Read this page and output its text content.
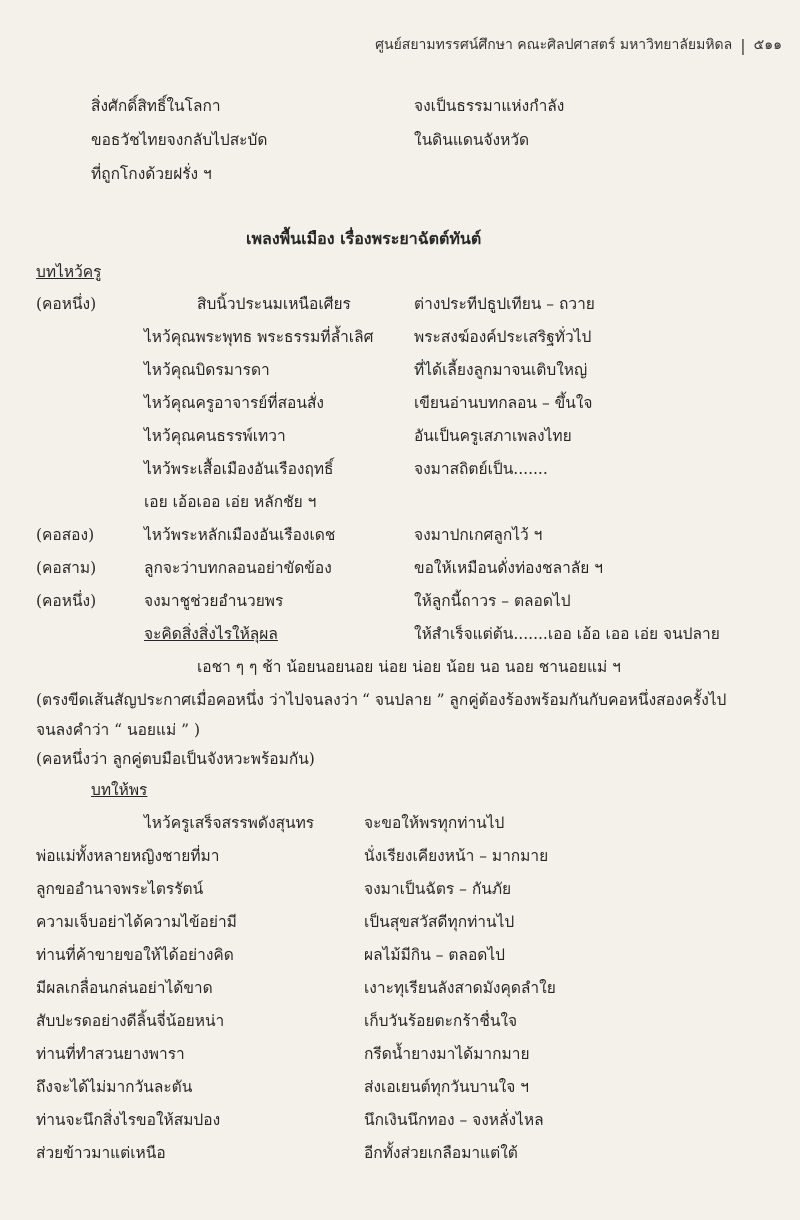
ศูนย์สยามทรรศน์ศึกษา คณะศิลปศาสตร์ มหาวิทยาลัยมหิดล | ๕๑๑
สิ่งศักดิ์สิทธิ์ในโลกา	จงเป็นธรรมาแห่งกำลัง
ขอธวัชไทยจงกลับไปสะบัด	ในดินแดนจังหวัด
ที่ถูกโกงด้วยฝรั่ง ฯ
เพลงพื้นเมือง เรื่องพระยาฉัตต์ทันต์
บทไหว้ครู
(คอหนึ่ง)	สิบนิ้วประนมเหนือเศียร	ต่างประทีปธูปเทียน – ถวาย
ไหว้คุณพระพุทธ พระธรรมที่ล้ำเลิศ	พระสงฆ์องค์ประเสริฐทั่วไป
ไหว้คุณบิดรมารดา	ที่ได้เลี้ยงลูกมาจนเติบใหญ่
ไหว้คุณครูอาจารย์ที่สอนสั่ง	เขียนอ่านบทกลอน – ขึ้นใจ
ไหว้คุณคนธรรพ์เทวา	อันเป็นครูเสภาเพลงไทย
ไหว้พระเสื้อเมืองอันเรืองฤทธิ์	จงมาสถิตย์เป็น.......
เอย เอ้อเออ เอ่ย หลักชัย ฯ
(คอสอง)	ไหว้พระหลักเมืองอันเรืองเดช	จงมาปกเกศลูกไว้ ฯ
(คอสาม)	ลูกจะว่าบทกลอนอย่าขัดข้อง	ขอให้เหมือนดั่งท่องชลาลัย ฯ
(คอหนึ่ง)	จงมาชูช่วยอำนวยพร	ให้ลูกนี้ถาวร – ตลอดไป
จะคิดสิ่งสิ่งไรให้ลุผล	ให้สำเร็จแต่ต้น.......เออ เอ้อ เออ เอ่ย จนปลาย
เอชา ๆ ๆ ช้า น้อยนอยนอย น่อย น่อย น้อย นอ นอย ชานอยแม่ ฯ
(ตรงขีดเส้นสัญประกาศเมื่อคอหนึ่ง ว่าไปจนลงว่า “ จนปลาย ” ลูกคู่ต้องร้องพร้อมกันกับคอหนึ่งสองครั้งไป
จนลงคำว่า “ นอยแม่ ” )
(คอหนึ่งว่า ลูกคู่ตบมือเป็นจังหวะพร้อมกัน)
บทให้พร
ไหว้ครูเสร็จสรรพดังสุนทร	จะขอให้พรทุกท่านไป
พ่อแม่ทั้งหลายหญิงชายที่มา	นั่งเรียงเคียงหน้า – มากมาย
ลูกขออำนาจพระไตรรัตน์	จงมาเป็นฉัตร – กันภัย
ความเจ็บอย่าได้ความไข้อย่ามี	เป็นสุขสวัสดีทุกท่านไป
ท่านที่ค้าขายขอให้ได้อย่างคิด	ผลไม้มีกิน – ตลอดไป
มีผลเกลื่อนกล่นอย่าได้ขาด	เงาะทุเรียนลังสาดมังคุดลำใย
สับปะรดอย่างดีลิ้นจี่น้อยหน่า	เก็บวันร้อยตะกร้าชื่นใจ
ท่านที่ทำสวนยางพารา	กรีดน้ำยางมาได้มากมาย
ถึงจะได้ไม่มากวันละตัน	ส่งเอเยนต์ทุกวันบานใจ ฯ
ท่านจะนึกสิ่งไรขอให้สมปอง	นึกเงินนึกทอง – จงหลั่งไหล
ส่วยข้าวมาแต่เหนือ	อีกทั้งส่วยเกลือมาแต่ใต้
